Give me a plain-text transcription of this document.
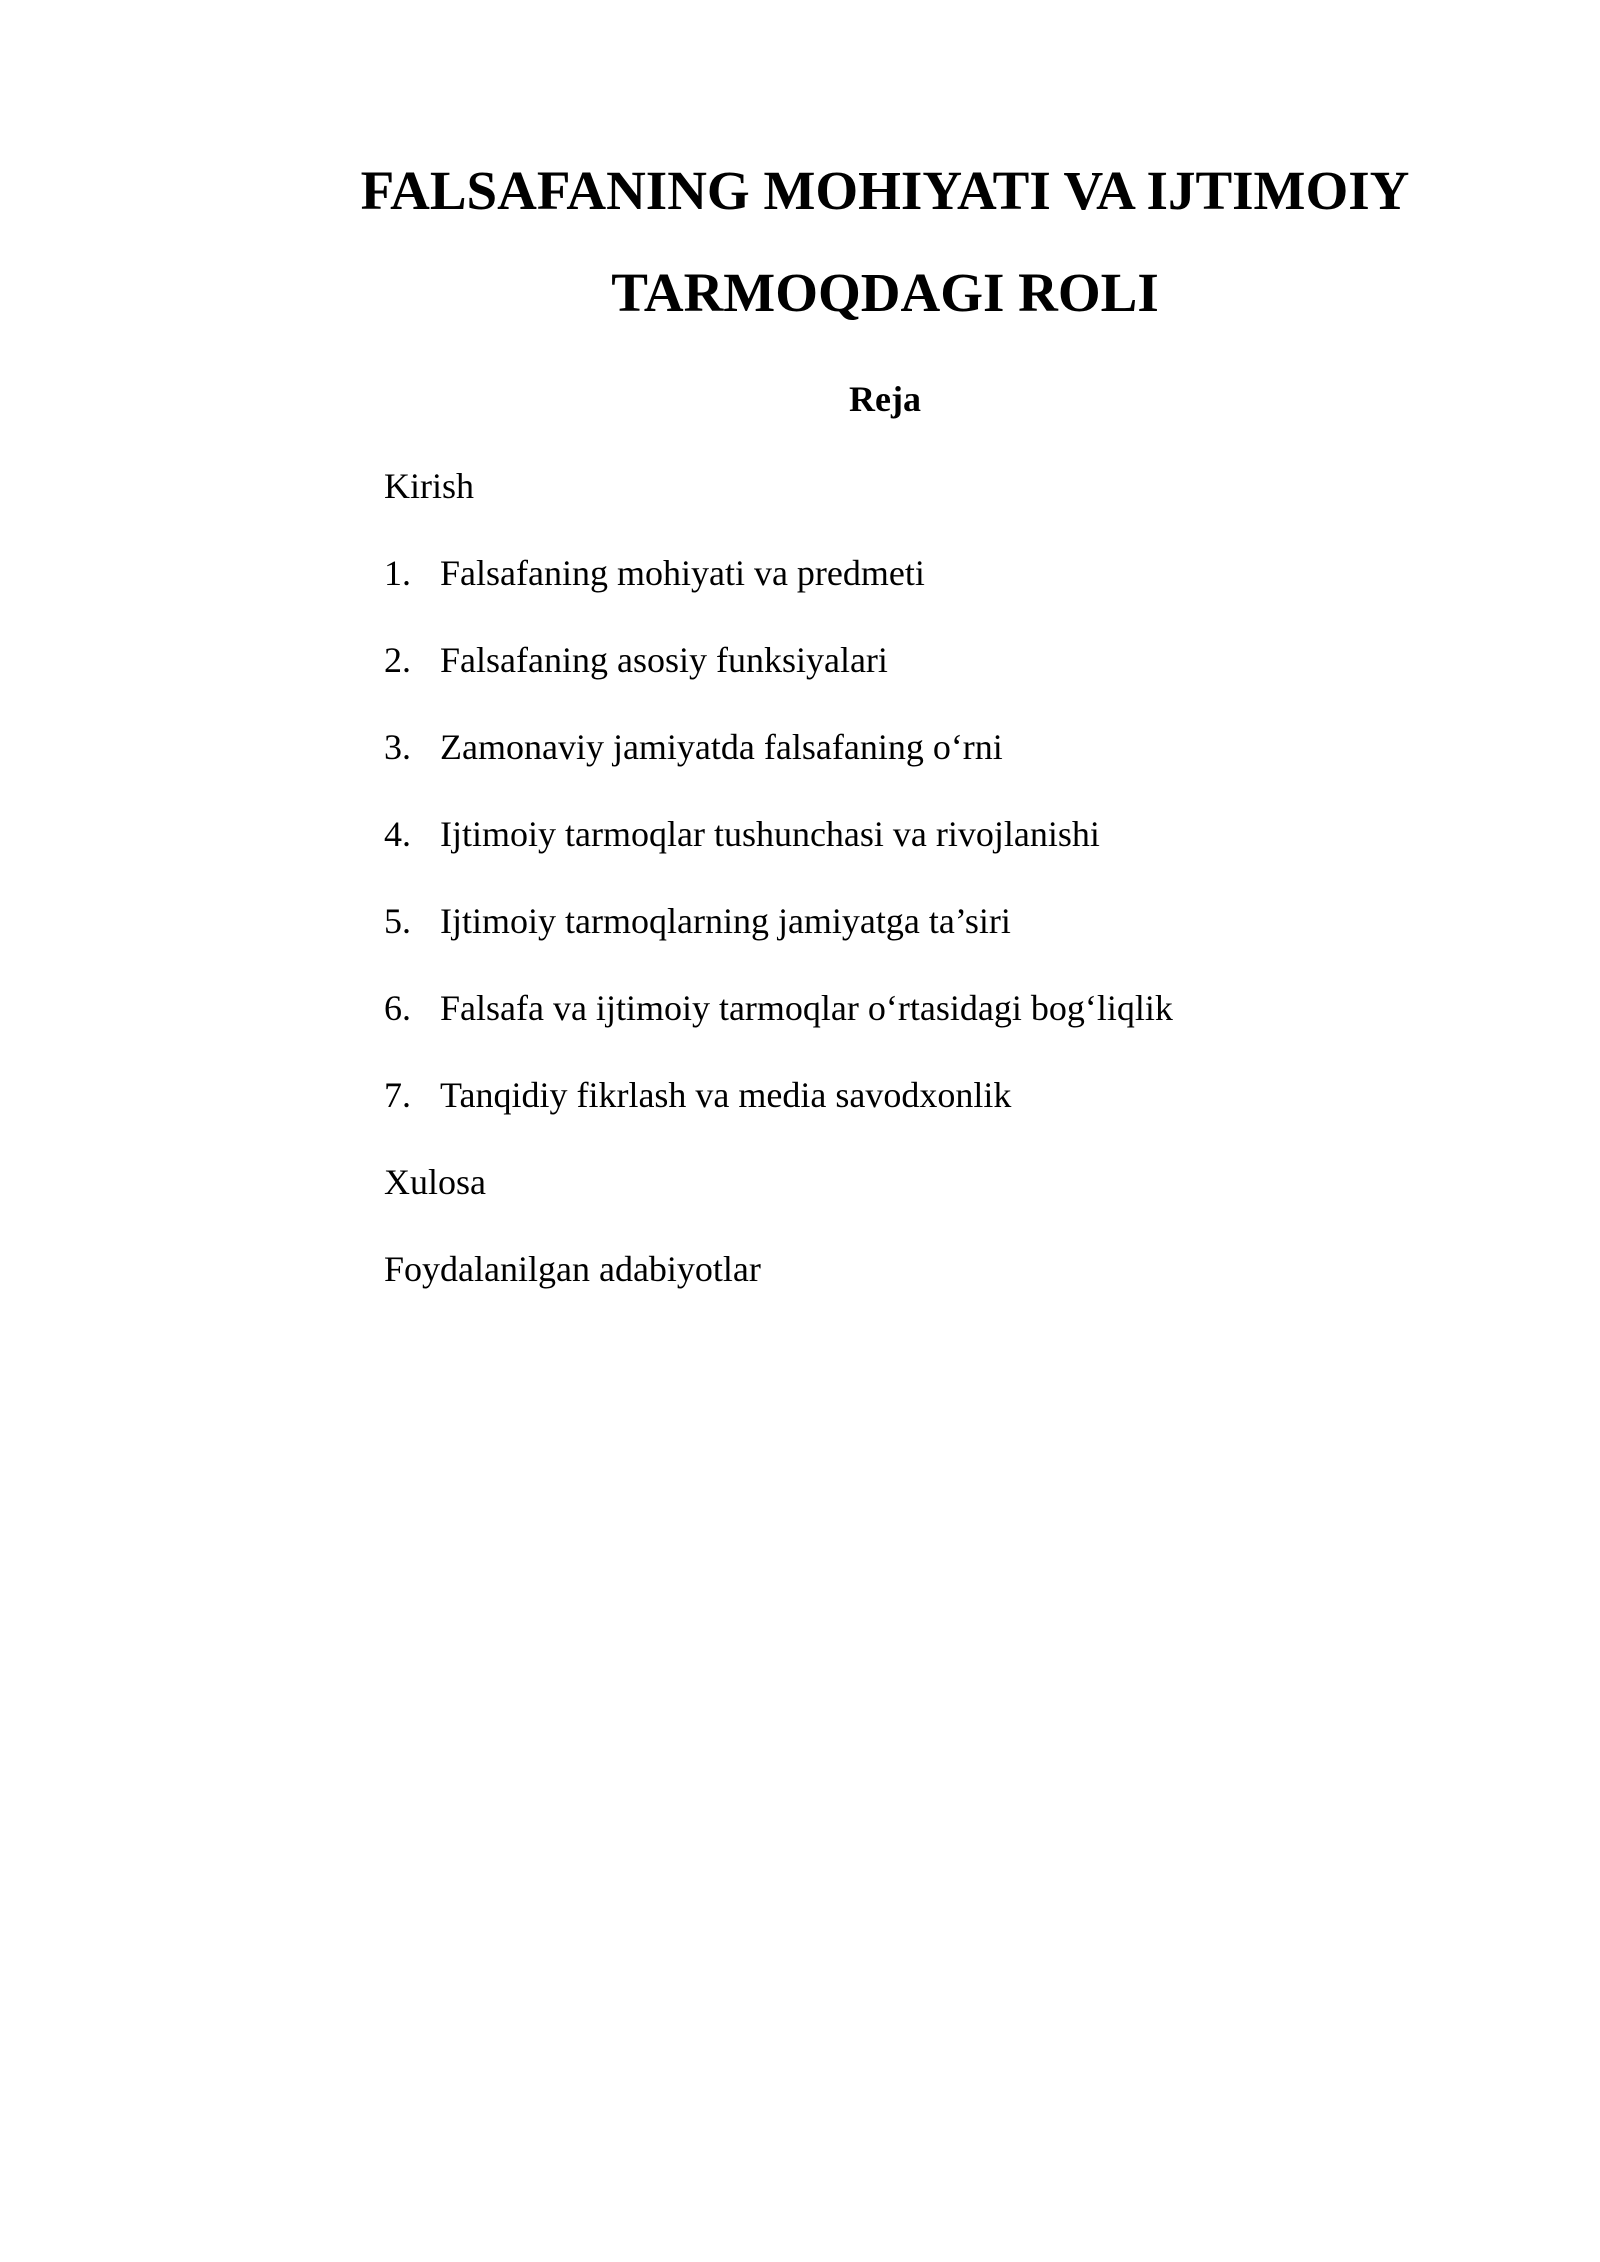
FALSAFANING MOHIYATI VA IJTIMOIY
TARMOQDAGI ROLI
Reja
Kirish
1. Falsafaning mohiyati va predmeti
2. Falsafaning asosiy funksiyalari
3. Zamonaviy jamiyatda falsafaning o‘rni
4. Ijtimoiy tarmoqlar tushunchasi va rivojlanishi
5. Ijtimoiy tarmoqlarning jamiyatga ta’siri
6. Falsafa va ijtimoiy tarmoqlar o‘rtasidagi bog‘liqlik
7. Tanqidiy fikrlash va media savodxonlik
Xulosa
Foydalanilgan adabiyotlar
